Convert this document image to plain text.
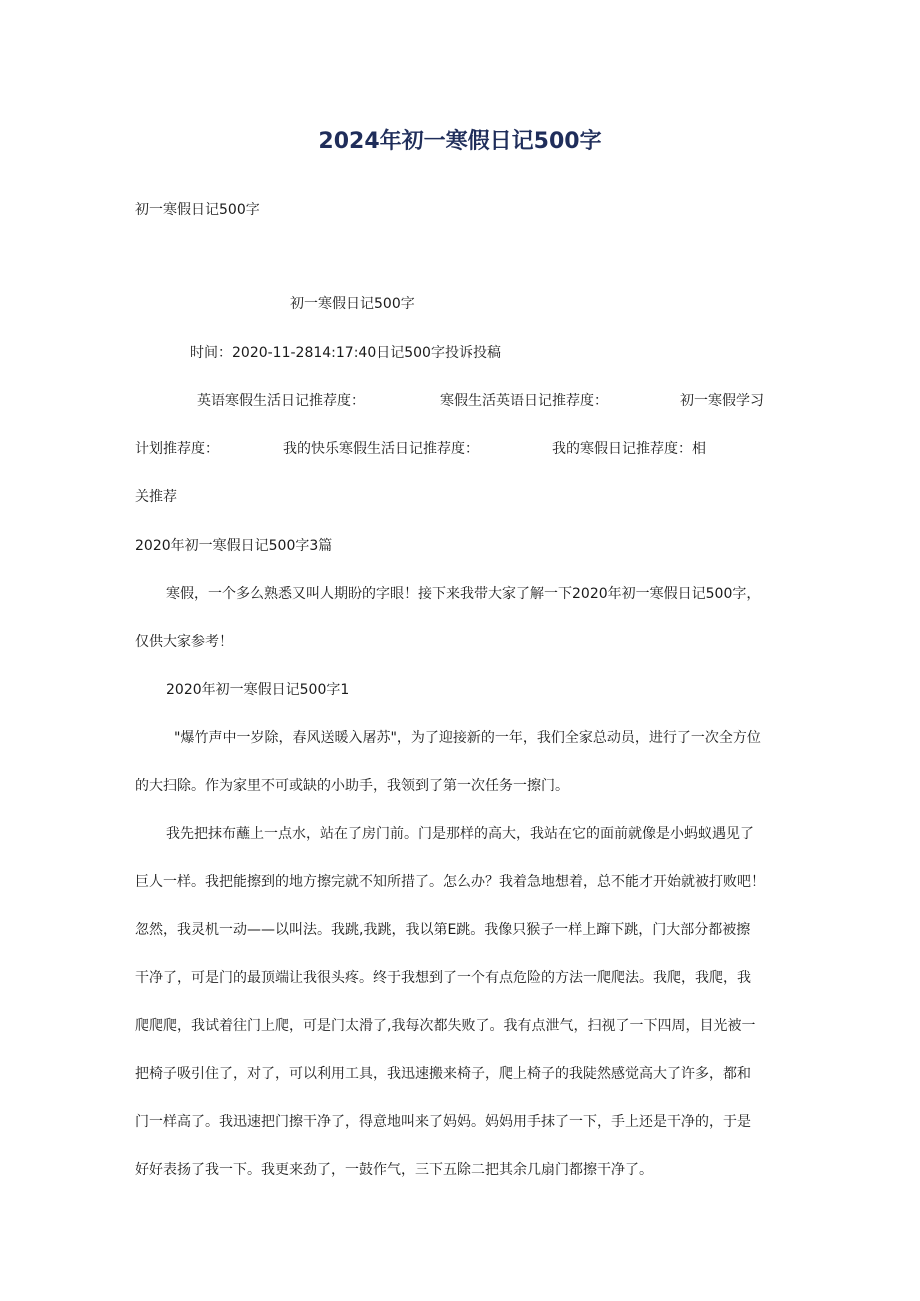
2024年初一寒假日记500字
初一寒假日记500字
初一寒假日记500字
时间：2020-11-2814:17:40日记500字投诉投稿
英语寒假生活日记推荐度：	寒假生活英语日记推荐度：	初一寒假学习
计划推荐度：	我的快乐寒假生活日记推荐度：	我的寒假日记推荐度：相
关推荐
2020年初一寒假日记500字3篇
寒假，一个多么熟悉又叫人期盼的字眼！接下来我带大家了解一下2020年初一寒假日记500字，
仅供大家参考！
2020年初一寒假日记500字1
"爆竹声中一岁除，春风送暖入屠苏"，为了迎接新的一年，我们全家总动员，进行了一次全方位
的大扫除。作为家里不可或缺的小助手，我领到了第一次任务一擦门。
我先把抹布蘸上一点水，站在了房门前。门是那样的高大，我站在它的面前就像是小蚂蚁遇见了
巨人一样。我把能擦到的地方擦完就不知所措了。怎么办？我着急地想着，总不能才开始就被打败吧！
忽然，我灵机一动——以叫法。我跳,我跳，我以第E跳。我像只猴子一样上蹿下跳，门大部分都被擦
干净了，可是门的最顶端让我很头疼。终于我想到了一个有点危险的方法一爬爬法。我爬，我爬，我
爬爬爬，我试着往门上爬，可是门太滑了,我每次都失败了。我有点泄气，扫视了一下四周，目光被一
把椅子吸引住了，对了，可以利用工具，我迅速搬来椅子，爬上椅子的我陡然感觉高大了许多，都和
门一样高了。我迅速把门擦干净了，得意地叫来了妈妈。妈妈用手抹了一下，手上还是干净的，于是
好好表扬了我一下。我更来劲了，一鼓作气，三下五除二把其余几扇门都擦干净了。
